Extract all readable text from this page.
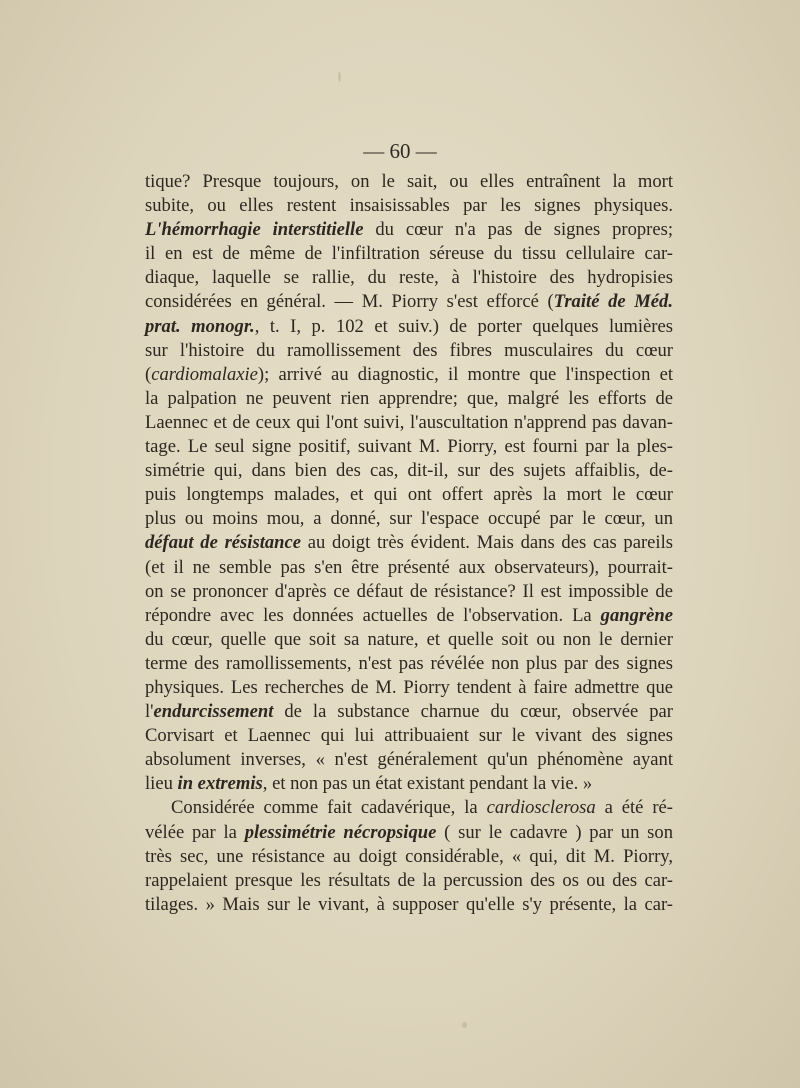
— 60 —
tique? Presque toujours, on le sait, ou elles entraînent la mort
subite, ou elles restent insaisissables par les signes physiques.
L'hémorrhagie interstitielle du cœur n'a pas de signes propres;
il en est de même de l'infiltration séreuse du tissu cellulaire car-
diaque, laquelle se rallie, du reste, à l'histoire des hydropisies
considérées en général. — M. Piorry s'est efforcé (Traité de Méd.
prat. monogr., t. I, p. 102 et suiv.) de porter quelques lumières
sur l'histoire du ramollissement des fibres musculaires du cœur
(cardiomalaxie); arrivé au diagnostic, il montre que l'inspection et
la palpation ne peuvent rien apprendre; que, malgré les efforts de
Laennec et de ceux qui l'ont suivi, l'auscultation n'apprend pas davan-
tage. Le seul signe positif, suivant M. Piorry, est fourni par la ples-
simétrie qui, dans bien des cas, dit-il, sur des sujets affaiblis, de-
puis longtemps malades, et qui ont offert après la mort le cœur
plus ou moins mou, a donné, sur l'espace occupé par le cœur, un
défaut de résistance au doigt très évident. Mais dans des cas pareils
(et il ne semble pas s'en être présenté aux observateurs), pourrait-
on se prononcer d'après ce défaut de résistance? Il est impossible de
répondre avec les données actuelles de l'observation. La gangrène
du cœur, quelle que soit sa nature, et quelle soit ou non le dernier
terme des ramollissements, n'est pas révélée non plus par des signes
physiques. Les recherches de M. Piorry tendent à faire admettre que
l'endurcissement de la substance charnue du cœur, observée par
Corvisart et Laennec qui lui attribuaient sur le vivant des signes
absolument inverses, « n'est généralement qu'un phénomène ayant
lieu in extremis, et non pas un état existant pendant la vie. »
Considérée comme fait cadavérique, la cardiosclerosa a été ré-
vélée par la plessimétrie nécropsique ( sur le cadavre ) par un son
très sec, une résistance au doigt considérable, « qui, dit M. Piorry,
rappelaient presque les résultats de la percussion des os ou des car-
tilages. » Mais sur le vivant, à supposer qu'elle s'y présente, la car-
